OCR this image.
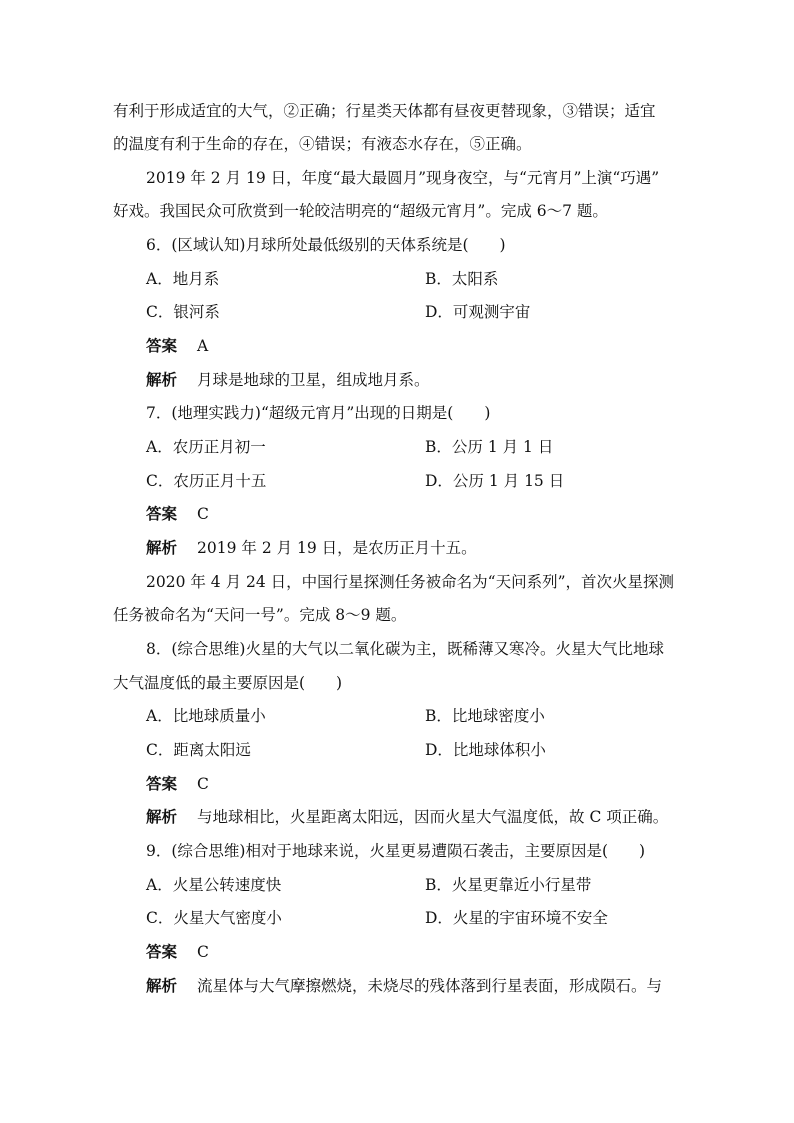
有利于形成适宜的大气，②正确；行星类天体都有昼夜更替现象，③错误；适宜
的温度有利于生命的存在，④错误；有液态水存在，⑤正确。
2019 年 2 月 19 日，年度“最大最圆月”现身夜空，与“元宵月”上演“巧遇”
好戏。我国民众可欣赏到一轮皎洁明亮的“超级元宵月”。完成 6～7 题。
6．(区域认知)月球所处最低级别的天体系统是(　　)
A．地月系	B．太阳系
C．银河系	D．可观测宇宙
答案 A
解析 月球是地球的卫星，组成地月系。
7．(地理实践力)“超级元宵月”出现的日期是(　　)
A．农历正月初一	B．公历 1 月 1 日
C．农历正月十五	D．公历 1 月 15 日
答案 C
解析 2019 年 2 月 19 日，是农历正月十五。
2020 年 4 月 24 日，中国行星探测任务被命名为“天问系列”，首次火星探测
任务被命名为“天问一号”。完成 8～9 题。
8．(综合思维)火星的大气以二氧化碳为主，既稀薄又寒冷。火星大气比地球
大气温度低的最主要原因是(　　)
A．比地球质量小	B．比地球密度小
C．距离太阳远	D．比地球体积小
答案 C
解析 与地球相比，火星距离太阳远，因而火星大气温度低，故 C 项正确。
9．(综合思维)相对于地球来说，火星更易遭陨石袭击，主要原因是(　　)
A．火星公转速度快	B．火星更靠近小行星带
C．火星大气密度小	D．火星的宇宙环境不安全
答案 C
解析 流星体与大气摩擦燃烧，未烧尽的残体落到行星表面，形成陨石。与
